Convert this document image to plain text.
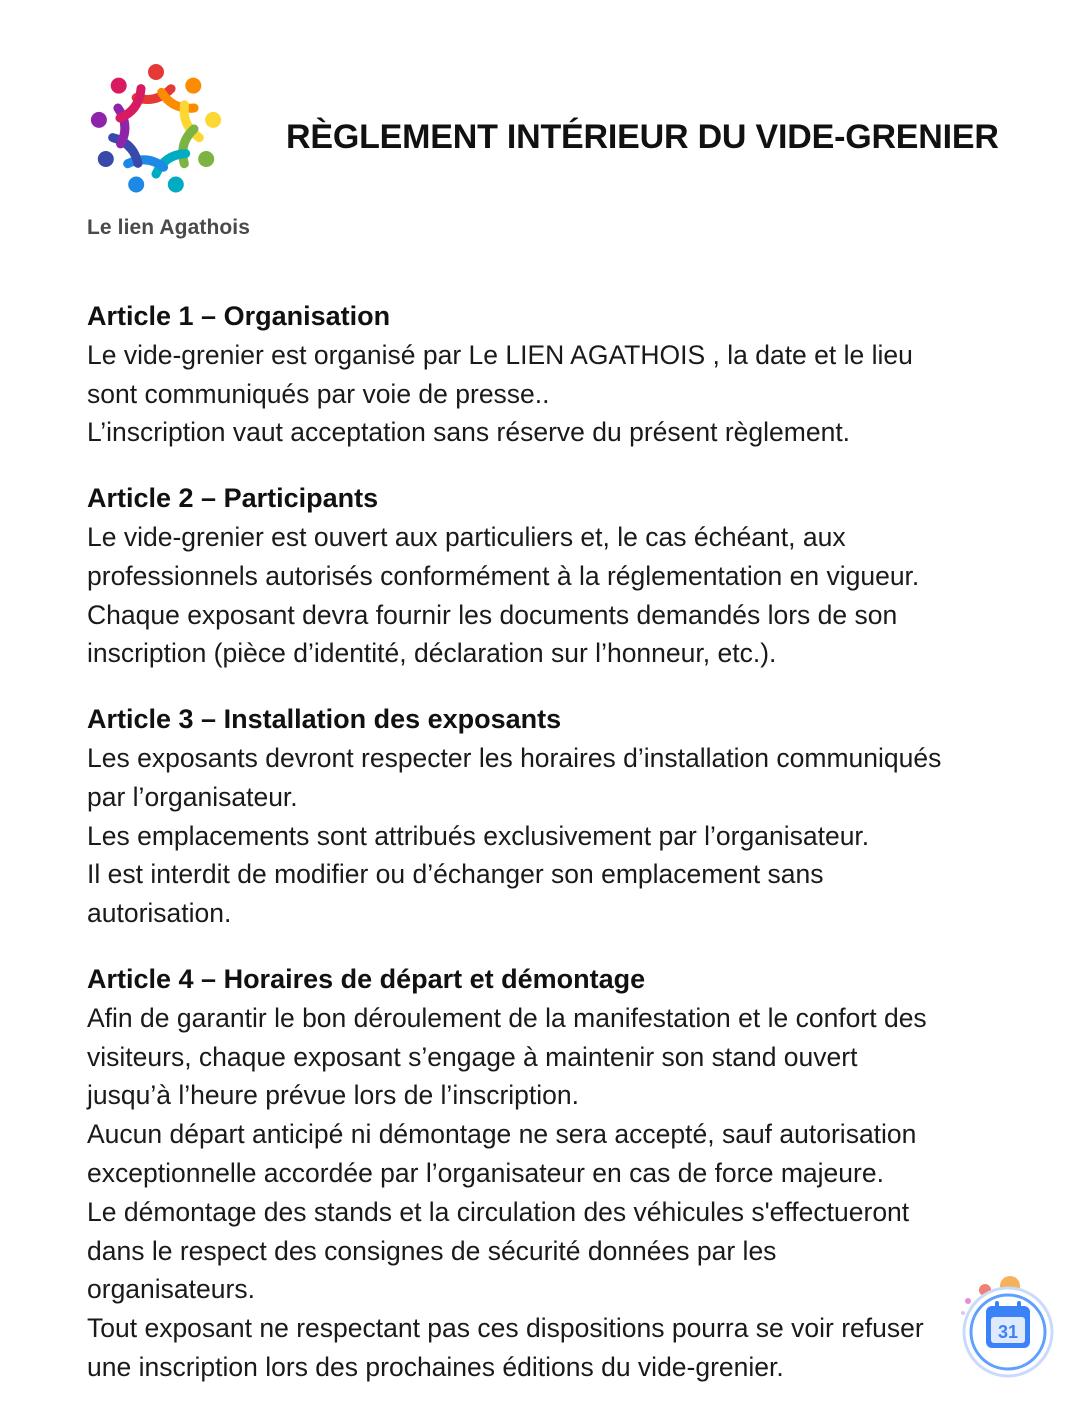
Le lien Agathois
RÈGLEMENT INTÉRIEUR DU VIDE-GRENIER
Article 1 – Organisation

Le vide-grenier est organisé par Le LIEN AGATHOIS , la date et le lieu

sont communiqués par voie de presse..

L’inscription vaut acceptation sans réserve du présent règlement.

Article 2 – Participants

Le vide-grenier est ouvert aux particuliers et, le cas échéant, aux

professionnels autorisés conformément à la réglementation en vigueur.

Chaque exposant devra fournir les documents demandés lors de son

inscription (pièce d’identité, déclaration sur l’honneur, etc.).

Article 3 – Installation des exposants

Les exposants devront respecter les horaires d’installation communiqués

par l’organisateur.

Les emplacements sont attribués exclusivement par l’organisateur.

Il est interdit de modifier ou d’échanger son emplacement sans

autorisation.

Article 4 – Horaires de départ et démontage

Afin de garantir le bon déroulement de la manifestation et le confort des

visiteurs, chaque exposant s’engage à maintenir son stand ouvert

jusqu’à l’heure prévue lors de l’inscription.

Aucun départ anticipé ni démontage ne sera accepté, sauf autorisation

exceptionnelle accordée par l’organisateur en cas de force majeure.

Le démontage des stands et la circulation des véhicules s'effectueront

dans le respect des consignes de sécurité données par les

organisateurs.

Tout exposant ne respectant pas ces dispositions pourra se voir refuser

une inscription lors des prochaines éditions du vide-grenier.

31
